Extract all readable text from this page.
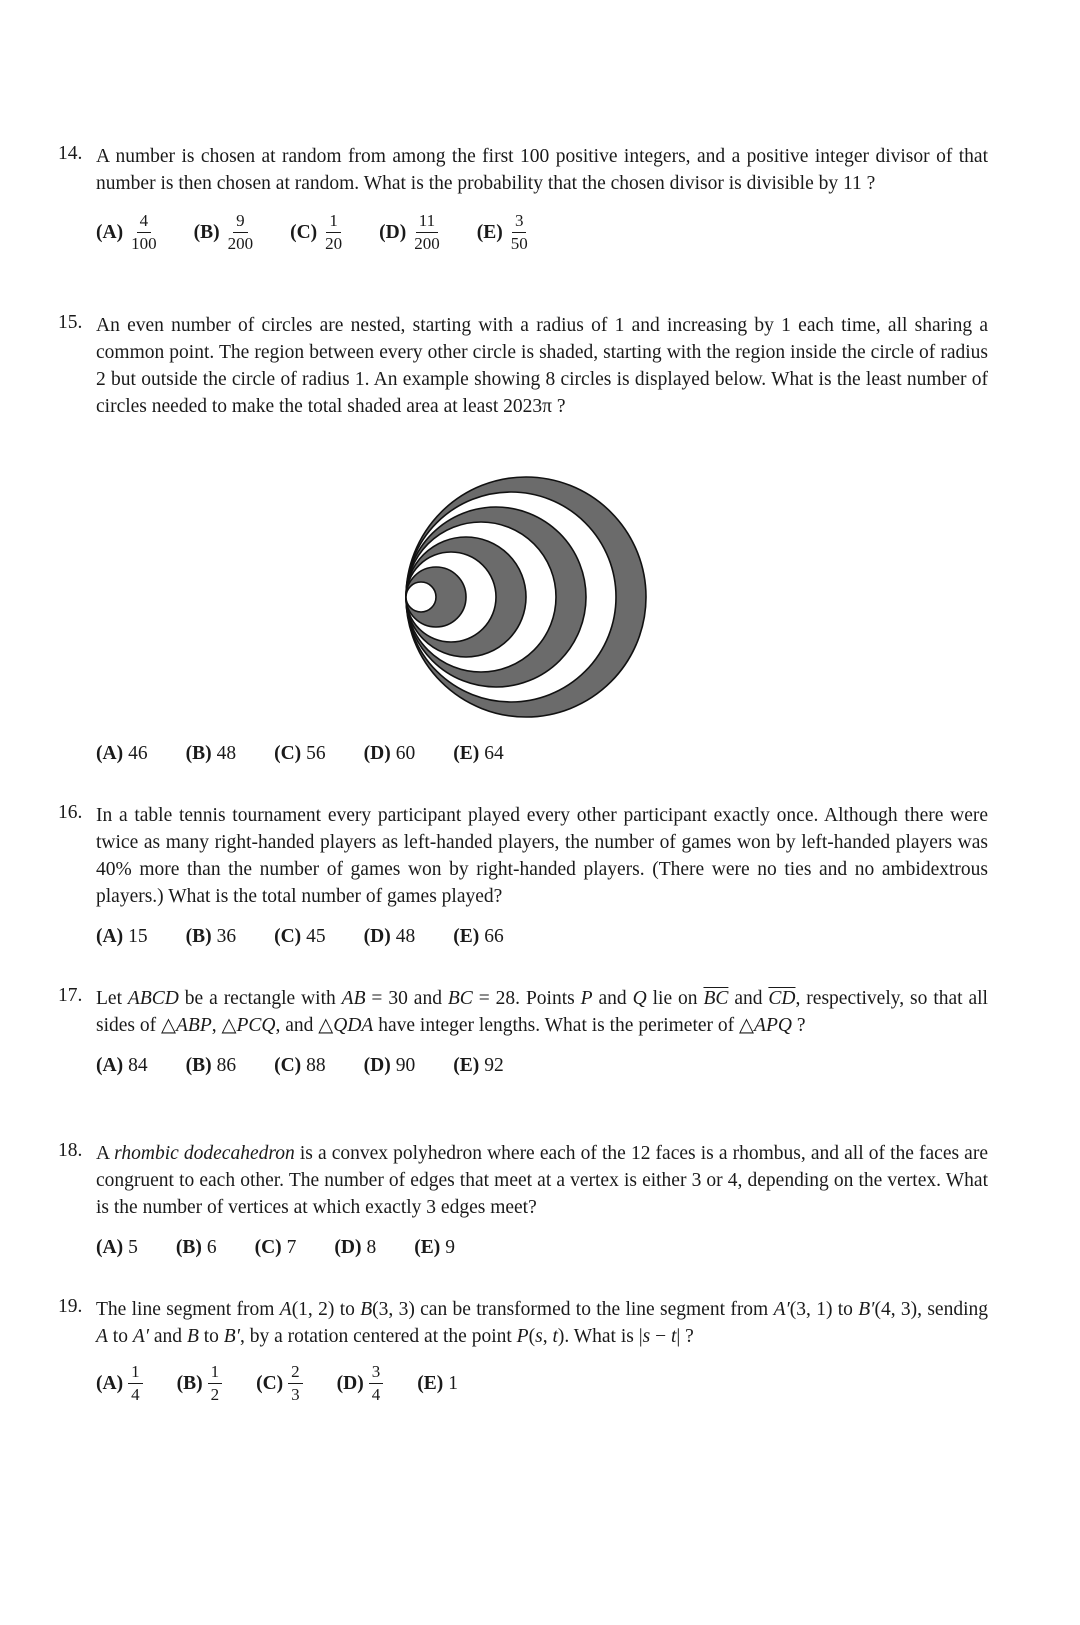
14. A number is chosen at random from among the first 100 positive integers, and a positive integer divisor of that number is then chosen at random. What is the probability that the chosen divisor is divisible by 11 ?
$(A) \frac{4}{100} (B) \frac{9}{200} (C) \frac{1}{20} (D) \frac{11}{200} (E) \frac{3}{50}$
15. An even number of circles are nested, starting with a radius of 1 and increasing by 1 each time, all sharing a common point. The region between every other circle is shaded, starting with the region inside the circle of radius 2 but outside the circle of radius 1. An example showing 8 circles is displayed below. What is the least number of circles needed to make the total shaded area at least 2023π ?
(A) 46 (B) 48 (C) 56 (D) 60 (E) 64
16. In a table tennis tournament every participant played every other participant exactly once. Although there were twice as many right-handed players as left-handed players, the number of games won by left-handed players was 40% more than the number of games won by right-handed players. (There were no ties and no ambidextrous players.) What is the total number of games played?
(A) 15 (B) 36 (C) 45 (D) 48 (E) 66
17. Let ABCD be a rectangle with AB = 30 and BC = 28. Points P and Q lie on $\overline{BC}$ and $\overline{CD}$, respectively, so that all sides of △ABP, △PCQ, and △QDA have integer lengths. What is the perimeter of △APQ ?
(A) 84 (B) 86 (C) 88 (D) 90 (E) 92
18. A rhombic dodecahedron is a convex polyhedron where each of the 12 faces is a rhombus, and all of the faces are congruent to each other. The number of edges that meet at a vertex is either 3 or 4, depending on the vertex. What is the number of vertices at which exactly 3 edges meet?
(A) 5 (B) 6 (C) 7 (D) 8 (E) 9
19. The line segment from A(1, 2) to B(3, 3) can be transformed to the line segment from A′(3, 1) to B′(4, 3), sending A to A′ and B to B′, by a rotation centered at the point P(s, t). What is |s − t| ?
$(A) \frac{1}{4} (B) \frac{1}{2} (C) \frac{2}{3} (D) \frac{3}{4} (E)$ 1
